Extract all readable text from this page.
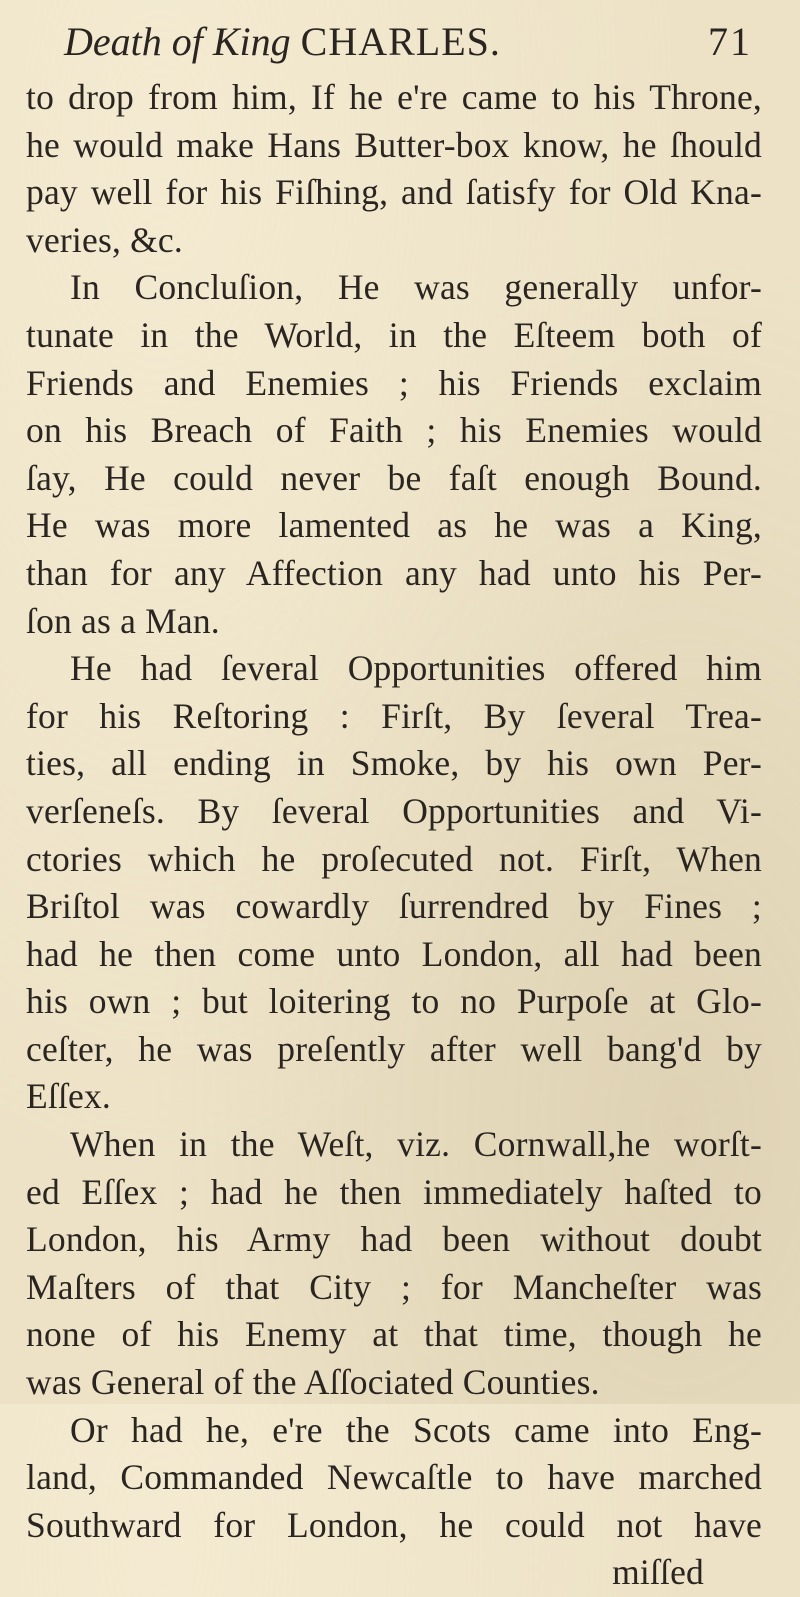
Death of King CHARLES.	71
to drop from him, If he e're came to his Throne,
he would make Hans Butter-box know, he ſhould
pay well for his Fiſhing, and ſatisfy for Old Kna-
veries, &c.
In Concluſion, He was generally unfor-
tunate in the World, in the Eſteem both of
Friends and Enemies ; his Friends exclaim
on his Breach of Faith ; his Enemies would
ſay, He could never be faſt enough Bound.
He was more lamented as he was a King,
than for any Affection any had unto his Per-
ſon as a Man.
He had ſeveral Opportunities offered him
for his Reſtoring : Firſt, By ſeveral Trea-
ties, all ending in Smoke, by his own Per-
verſeneſs. By ſeveral Opportunities and Vi-
ctories which he proſecuted not. Firſt, When
Briſtol was cowardly ſurrendred by Fines ;
had he then come unto London, all had been
his own ; but loitering to no Purpoſe at Glo-
ceſter, he was preſently after well bang'd by
Eſſex.
When in the Weſt, viz. Cornwall,he worſt-
ed Eſſex ; had he then immediately haſted to
London, his Army had been without doubt
Maſters of that City ; for Mancheſter was
none of his Enemy at that time, though he
was General of the Aſſociated Counties.
Or had he, e're the Scots came into Eng-
land, Commanded Newcaſtle to have marched
Southward for London, he could not have
miſſed
